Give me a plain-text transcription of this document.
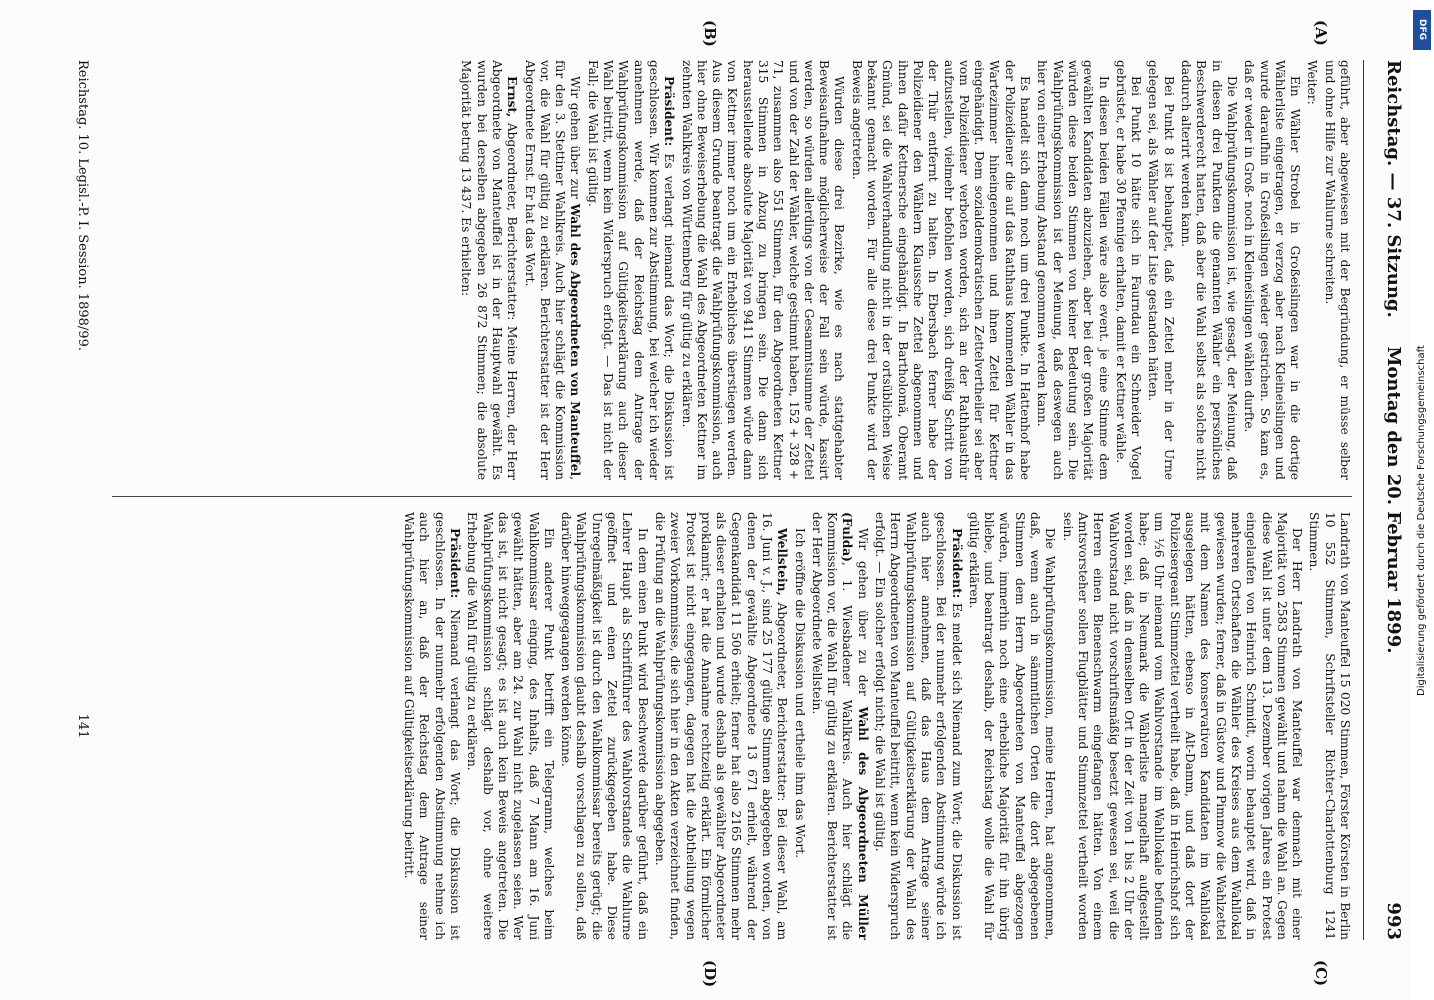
Reichstag. — 37. Sitzung.
Montag den 20. Februar 1899.
993
(A)
(B)
(C)
(D)

geführt, aber abgewiesen mit der Begründung, er müsse selber und ohne Hilfe zur Wahlurne schreiten.

Weiter:

Ein Wähler Strobel in Großeislingen war in die dortige Wählerliste eingetragen, er verzog aber nach Kleineislingen und wurde daraufhin in Großeislingen wieder gestrichen. So kam es, daß er weder in Groß- noch in Kleineislingen wählen durfte.

Die Wahlprüfungskommission ist, wie gesagt, der Meinung, daß in diesen drei Punkten die genannten Wähler ein persönliches Beschwerderecht hatten, daß aber die Wahl selbst als solche nicht dadurch alterirt werden kann.

Bei Punkt 8 ist behauptet, daß ein Zettel mehr in der Urne gelegen sei, als Wähler auf der Liste gestanden hätten.

Bei Punkt 10 hätte sich in Faurndau ein Schneider Vogel gebrüstet, er habe 30 Pfennige erhalten, damit er Kettner wähle.

In diesen beiden Fällen wäre also event. je eine Stimme dem gewählten Kandidaten abzuziehen, aber bei der großen Majorität würden diese beiden Stimmen von keiner Bedeutung sein. Die Wahlprüfungskommission ist der Meinung, daß deswegen auch hier von einer Erhebung Abstand genommen werden kann.

Es handelt sich dann noch um drei Punkte. In Hattenhof habe der Polizeidiener die auf das Rathhaus kommenden Wähler in das Wartezimmer hineingenommen und ihnen Zettel für Kettner eingehändigt. Dem sozialdemokratischen Zettelvertheiler sei aber vom Polizeidiener verboten worden, sich an der Rathhausthür aufzustellen, vielmehr befohlen worden, sich dreißig Schritt von der Thür entfernt zu halten. In Ebersbach ferner habe der Polizeidiener den Wählern Klaussche Zettel abgenommen und ihnen dafür Kettnersche eingehändigt. In Bartholomä, Oberamt Gmünd, sei die Wahlverhandlung nicht in der ortsüblichen Weise bekannt gemacht worden. Für alle diese drei Punkte wird der Beweis angetreten.

Würden diese drei Bezirke, wie es nach stattgehabter Beweisaufnahme möglicherweise der Fall sein würde, kassirt werden, so würden allerdings von der Gesammtsumme der Zettel und von der Zahl der Wähler, welche gestimmt haben, 152 + 328 + 71, zusammen also 551 Stimmen, für den Abgeordneten Kettner 315 Stimmen in Abzug zu bringen sein. Die dann sich herausstellende absolute Majorität von 9411 Stimmen würde dann von Kettner immer noch um ein Erhebliches überstiegen werden. Aus diesem Grunde beantragt die Wahlprüfungskommission, auch hier ohne Beweiserhebung die Wahl des Abgeordneten Kettner im zehnten Wahlkreis von Württemberg für gültig zu erklären.

Präsident: Es verlangt niemand das Wort; die Diskussion ist geschlossen. Wir kommen zur Abstimmung, bei welcher ich wieder annehmen werde, daß der Reichstag dem Antrage der Wahlprüfungskommission auf Gültigkeitserklärung auch dieser Wahl beitritt, wenn kein Widerspruch erfolgt. — Das ist nicht der Fall; die Wahl ist gültig.

Wir gehen über zur Wahl des Abgeordneten von Manteuffel, für den 3. Stettiner Wahlkreis. Auch hier schlägt die Kommission vor, die Wahl für gültig zu erklären. Berichterstatter ist der Herr Abgeordnete Ernst. Er hat das Wort.

Ernst, Abgeordneter, Berichterstatter: Meine Herren, der Herr Abgeordnete von Manteuffel ist in der Hauptwahl gewählt. Es wurden bei derselben abgegeben 26 872 Stimmen; die absolute Majorität betrug 13 437. Es erhielten:

Landrath von Manteuffel 15 020 Stimmen, Förster Körsten in Berlin 10 552 Stimmen, Schriftsteller Richter-Charlottenburg 1241 Stimmen.

Der Herr Landrath von Manteuffel war demnach mit einer Majorität von 2583 Stimmen gewählt und nahm die Wahl an. Gegen diese Wahl ist unter dem 13. Dezember vorigen Jahres ein Protest eingelaufen von Heinrich Schmidt, worin behauptet wird, daß in mehreren Ortschaften die Wähler des Kreises aus dem Wahllokal gewiesen wurden; ferner, daß in Güstow und Pimmow die Wahlzettel mit dem Namen des konservativen Kandidaten im Wahllokal ausgelegen hätten, ebenso in Alt-Damm, und daß dort der Polizeisergeant Stimmzettel vertheilt habe, daß in Heinrichshof sich um ½6 Uhr niemand vom Wahlvorstande im Wahllokale befunden habe; daß in Neumark die Wählerliste mangelhaft aufgestellt worden sei, daß in demselben Ort in der Zeit von 1 bis 2 Uhr der Wahlvorstand nicht vorschriftsmäßig besetzt gewesen sei, weil die Herren einen Bienenschwarm eingefangen hätten. Von einem Amtsvorsteher sollen Flugblätter und Stimmzettel vertheilt worden sein.

Die Wahlprüfungskommission, meine Herren, hat angenommen, daß, wenn auch in sämmtlichen Orten die dort abgegebenen Stimmen dem Herrn Abgeordneten von Manteuffel abgezogen würden, immerhin noch eine erhebliche Majorität für ihn übrig bliebe, und beantragt deshalb, der Reichstag wolle die Wahl für gültig erklären.

Präsident: Es meldet sich Niemand zum Wort; die Diskussion ist geschlossen. Bei der nunmehr erfolgenden Abstimmung würde ich auch hier annehmen, daß das Haus dem Antrage seiner Wahlprüfungskommission auf Gültigkeitserklärung der Wahl des Herrn Abgeordneten von Manteuffel beitritt, wenn kein Widerspruch erfolgt. — Ein solcher erfolgt nicht; die Wahl ist gültig.

Wir gehen über zu der Wahl des Abgeordneten Müller (Fulda), 1. Wiesbadener Wahlkreis. Auch hier schlägt die Kommission vor, die Wahl für gültig zu erklären. Berichterstatter ist der Herr Abgeordnete Wellstein.

Ich eröffne die Diskussion und ertheile ihm das Wort.

Wellstein, Abgeordneter, Berichterstatter: Bei dieser Wahl, am 16. Juni v. J., sind 25 177 gültige Stimmen abgegeben worden, von denen der gewählte Abgeordnete 13 671 erhielt, während der Gegenkandidat 11 506 erhielt; ferner hat also 2165 Stimmen mehr als dieser erhalten und wurde deshalb als gewählter Abgeordneter proklamirt; er hat die Annahme rechtzeitig erklärt. Ein förmlicher Protest ist nicht eingegangen, dagegen hat die Abtheilung wegen zweier Vorkommnisse, die sich hier in den Akten verzeichnet finden, die Prüfung an die Wahlprüfungskommission abgegeben.

In dem einen Punkt wird Beschwerde darüber geführt, daß ein Lehrer Haupt als Schriftführer des Wahlvorstandes die Wahlurne geöffnet und einen Zettel zurückgegeben habe. Diese Unregelmäßigkeit ist durch den Wahlkommissar bereits gerügt; die Wahlprüfungskommission glaubt deshalb vorschlagen zu sollen, daß darüber hinweggegangen werden könne.

Ein anderer Punkt betrifft ein Telegramm, welches beim Wahlkommissar einging, des Inhalts, daß 7 Mann am 16. Juni gewählt hätten, aber am 24. zur Wahl nicht zugelassen seien. Wer das ist, ist nicht gesagt; es ist auch kein Beweis angetreten. Die Wahlprüfungskommission schlägt deshalb vor, ohne weitere Erhebung die Wahl für gültig zu erklären.

Präsident: Niemand verlangt das Wort; die Diskussion ist geschlossen. In der nunmehr erfolgenden Abstimmung nehme ich auch hier an, daß der Reichstag dem Antrage seiner Wahlprüfungskommission auf Gültigkeitserklärung beitritt.

Reichstag. 10. Legisl.-P. I. Session. 1898/99.
141
DFG
Digitalisierung gefördert durch die Deutsche Forschungsgemeinschaft
